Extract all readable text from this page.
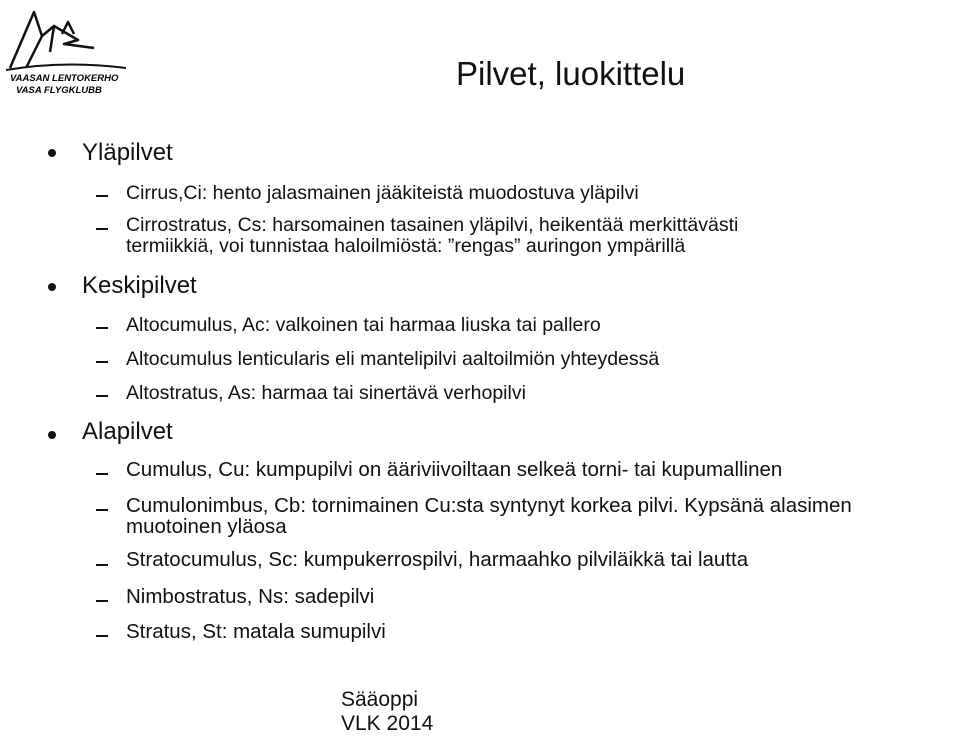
VAASAN LENTOKERHO
VASA FLYGKLUBB	Pilvet, luokittelu
Yläpilvet
Cirrus,Ci: hento jalasmainen jääkiteistä muodostuva yläpilvi
Cirrostratus, Cs: harsomainen tasainen yläpilvi, heikentää merkittävästi
termiikkiä, voi tunnistaa haloilmiöstä: ”rengas” auringon ympärillä
Keskipilvet
Altocumulus, Ac: valkoinen tai harmaa liuska tai pallero
Altocumulus lenticularis eli mantelipilvi aaltoilmiön yhteydessä
Altostratus, As: harmaa tai sinertävä verhopilvi
Alapilvet
Cumulus, Cu: kumpupilvi on ääriviivoiltaan selkeä torni- tai kupumallinen
Cumulonimbus, Cb: tornimainen Cu:sta syntynyt korkea pilvi. Kypsänä alasimen
muotoinen yläosa
Stratocumulus, Sc: kumpukerrospilvi, harmaahko pilviläikkä tai lautta
Nimbostratus, Ns: sadepilvi
Stratus, St: matala sumupilvi
Sääoppi
VLK 2014
